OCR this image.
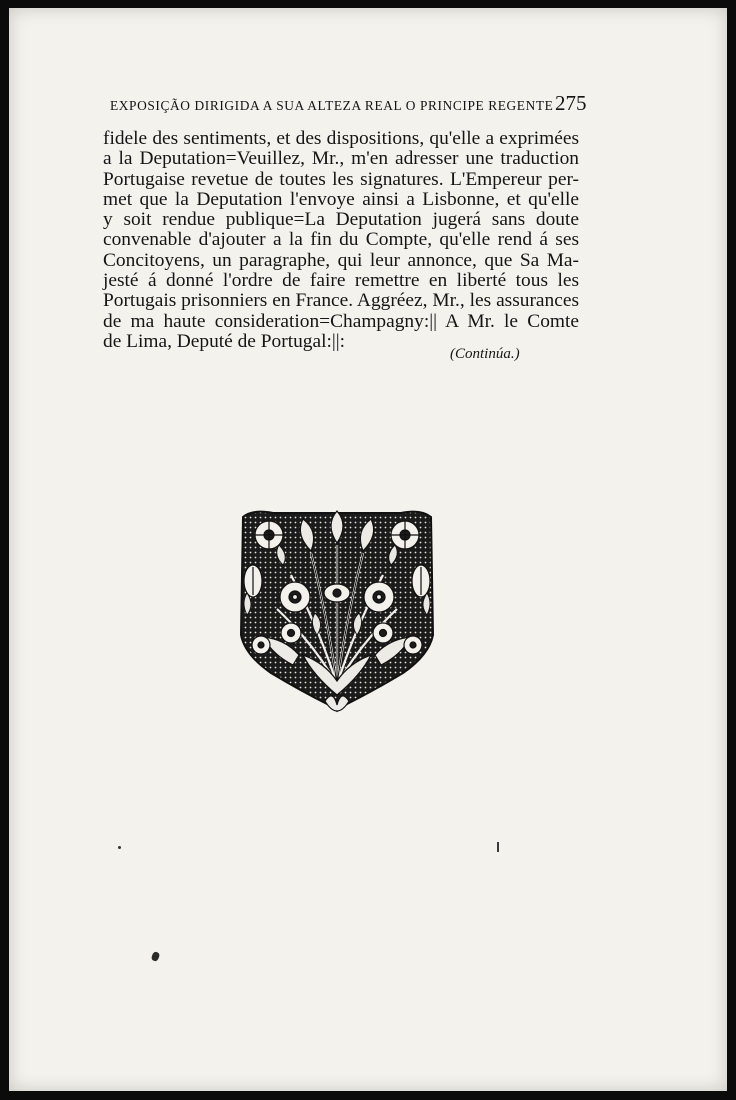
EXPOSIÇÃO DIRIGIDA A SUA ALTEZA REAL O PRINCIPE REGENTE 275
fidele des sentiments, et des dispositions, qu'elle a exprimées
a la Deputation=Veuillez, Mr., m'en adresser une traduction
Portugaise revetue de toutes les signatures. L'Empereur per-
met que la Deputation l'envoye ainsi a Lisbonne, et qu'elle
y soit rendue publique=La Deputation jugerá sans doute
convenable d'ajouter a la fin du Compte, qu'elle rend á ses
Concitoyens, un paragraphe, qui leur annonce, que Sa Ma-
jesté á donné l'ordre de faire remettre en liberté tous les
Portugais prisonniers en France. Aggréez, Mr., les assurances
de ma haute consideration=Champagny:|| A Mr. le Comte
de Lima, Deputé de Portugal:||:
(Continúa.)
